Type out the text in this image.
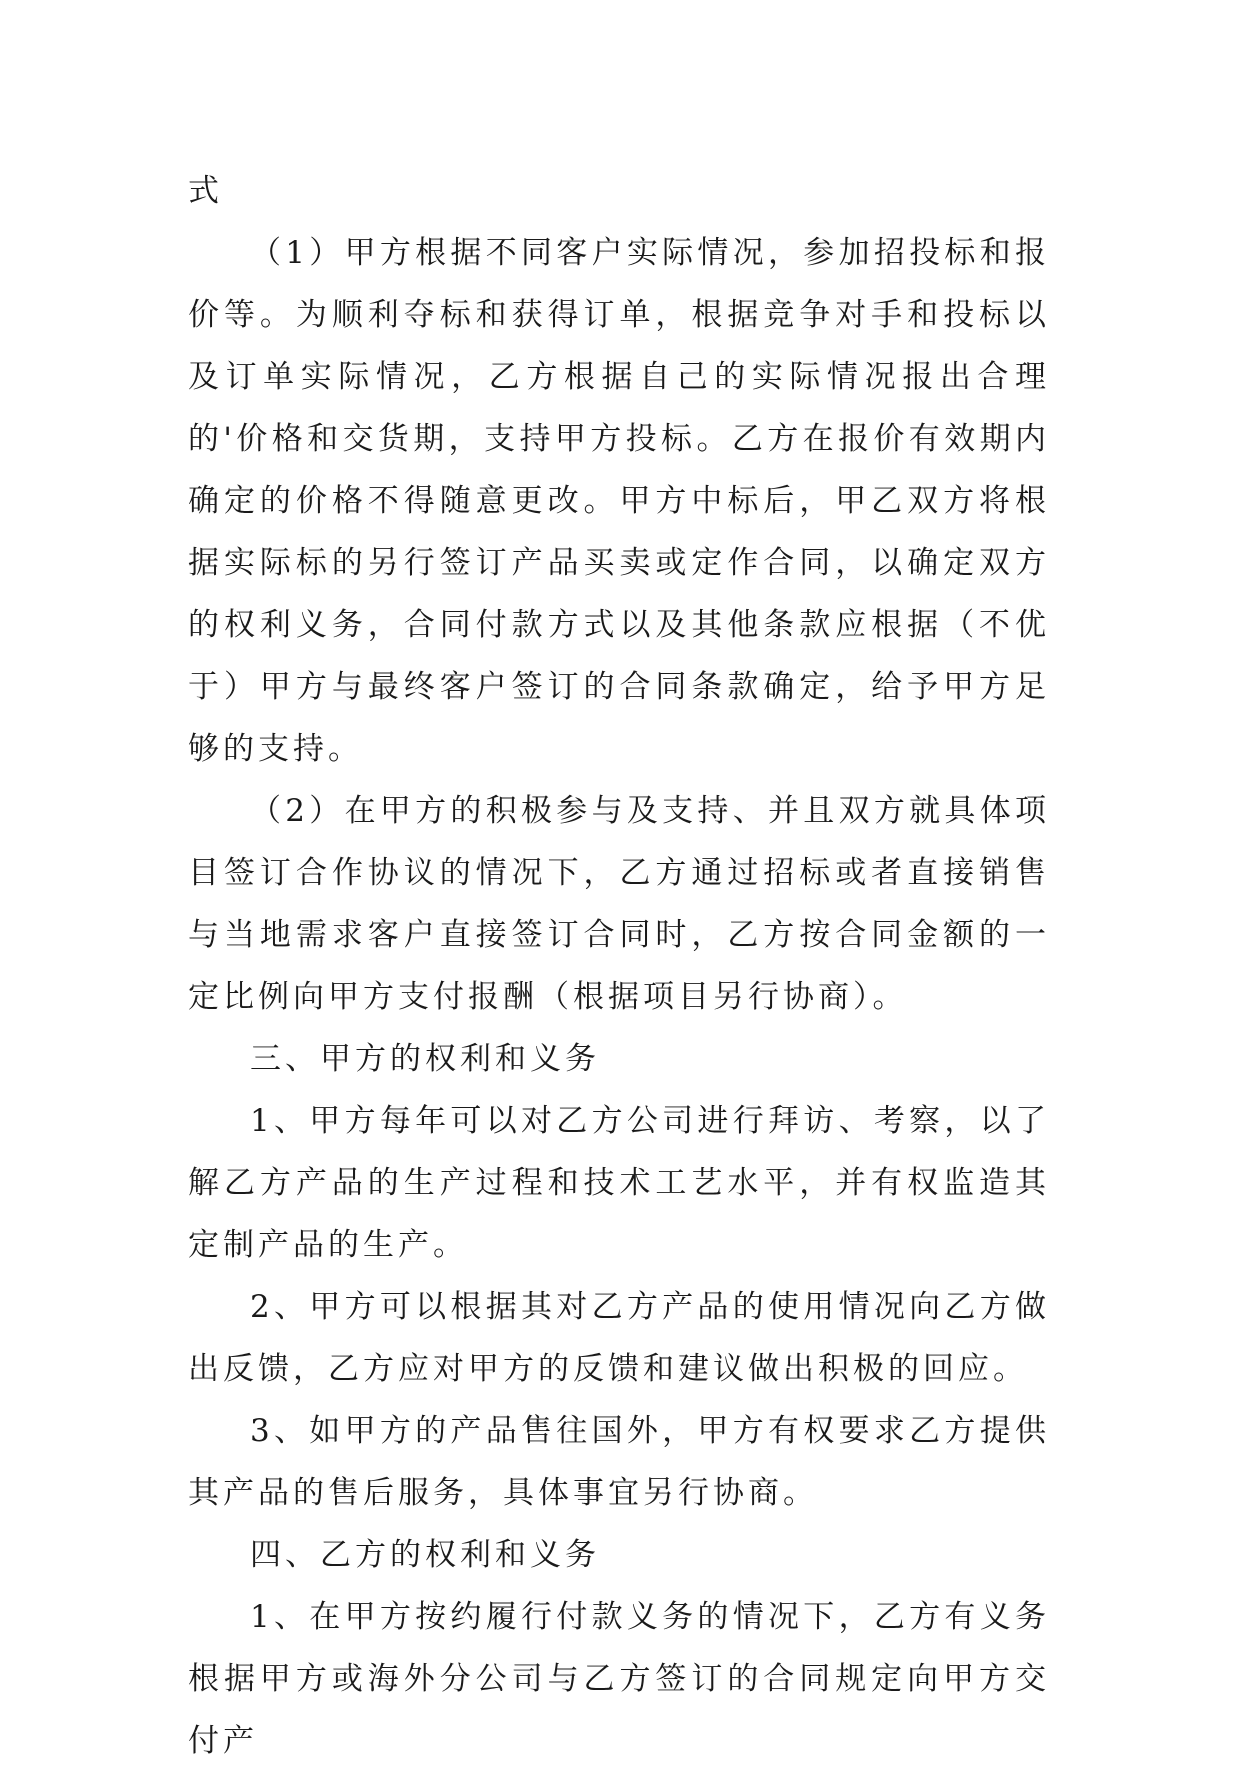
式

（1）甲方根据不同客户实际情况，参加招投标和报价等。为顺利夺标和获得订单，根据竞争对手和投标以及订单实际情况，乙方根据自己的实际情况报出合理的'价格和交货期，支持甲方投标。乙方在报价有效期内确定的价格不得随意更改。甲方中标后，甲乙双方将根据实际标的另行签订产品买卖或定作合同，以确定双方的权利义务，合同付款方式以及其他条款应根据（不优于）甲方与最终客户签订的合同条款确定，给予甲方足够的支持。

（2）在甲方的积极参与及支持、并且双方就具体项目签订合作协议的情况下，乙方通过招标或者直接销售与当地需求客户直接签订合同时，乙方按合同金额的一定比例向甲方支付报酬（根据项目另行协商）。

三、甲方的权利和义务

1、甲方每年可以对乙方公司进行拜访、考察，以了解乙方产品的生产过程和技术工艺水平，并有权监造其定制产品的生产。

2、甲方可以根据其对乙方产品的使用情况向乙方做出反馈，乙方应对甲方的反馈和建议做出积极的回应。

3、如甲方的产品售往国外，甲方有权要求乙方提供其产品的售后服务，具体事宜另行协商。

四、乙方的权利和义务

1、在甲方按约履行付款义务的情况下，乙方有义务根据甲方或海外分公司与乙方签订的合同规定向甲方交付产
